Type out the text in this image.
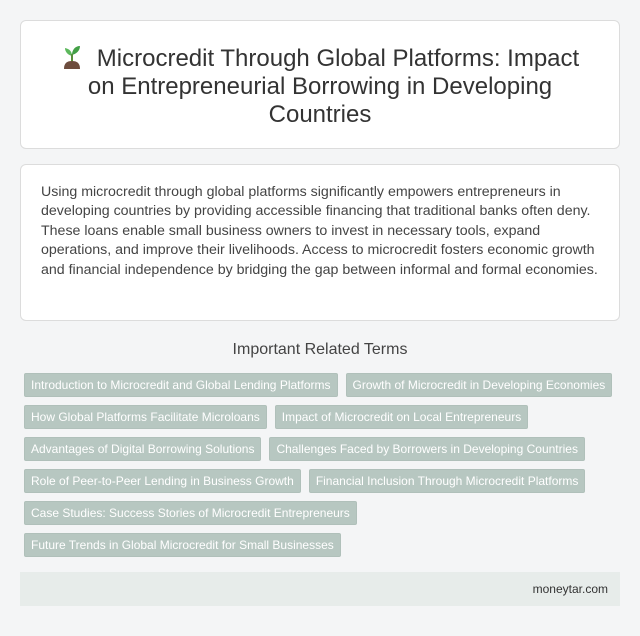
Microcredit Through Global Platforms: Impact on Entrepreneurial Borrowing in Developing Countries

Using microcredit through global platforms significantly empowers entrepreneurs in developing countries by providing accessible financing that traditional banks often deny. These loans enable small business owners to invest in necessary tools, expand operations, and improve their livelihoods. Access to microcredit fosters economic growth and financial independence by bridging the gap between informal and formal economies.

Important Related Terms
Introduction to Microcredit and Global Lending Platforms	Growth of Microcredit in Developing Economies
How Global Platforms Facilitate Microloans	Impact of Microcredit on Local Entrepreneurs
Advantages of Digital Borrowing Solutions	Challenges Faced by Borrowers in Developing Countries
Role of Peer-to-Peer Lending in Business Growth	Financial Inclusion Through Microcredit Platforms
Case Studies: Success Stories of Microcredit Entrepreneurs
Future Trends in Global Microcredit for Small Businesses
moneytar.com
